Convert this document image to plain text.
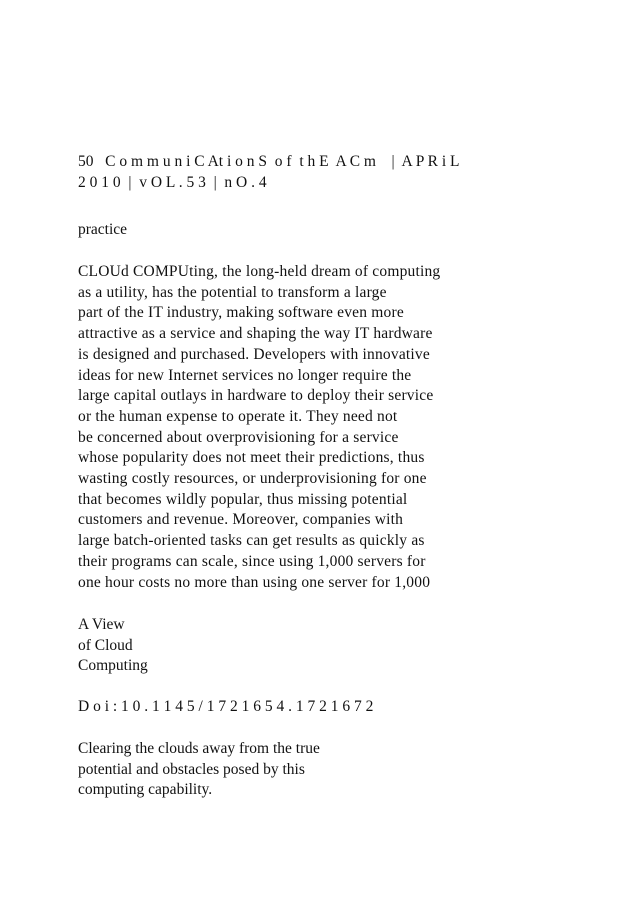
50   C o m m u n i C At i o n S  o f  t h E  A C m    |  A P R i L

2 0 1 0  |  v O L . 5 3  |  n O . 4

practice

CLOUd COMPUting, the long-held dream of computing

as a utility, has the potential to transform a large

part of the IT industry, making software even more

attractive as a service and shaping the way IT hardware

is designed and purchased. Developers with innovative

ideas for new Internet services no longer require the

large capital outlays in hardware to deploy their service

or the human expense to operate it. They need not

be concerned about overprovisioning for a service

whose popularity does not meet their predictions, thus

wasting costly resources, or underprovisioning for one

that becomes wildly popular, thus missing potential

customers and revenue. Moreover, companies with

large batch-oriented tasks can get results as quickly as

their programs can scale, since using 1,000 servers for

one hour costs no more than using one server for 1,000

A View

of Cloud

Computing

D o i : 1 0 . 1 1 4 5 / 1 7 2 1 6 5 4 . 1 7 2 1 6 7 2

Clearing the clouds away from the true

potential and obstacles posed by this

computing capability.
